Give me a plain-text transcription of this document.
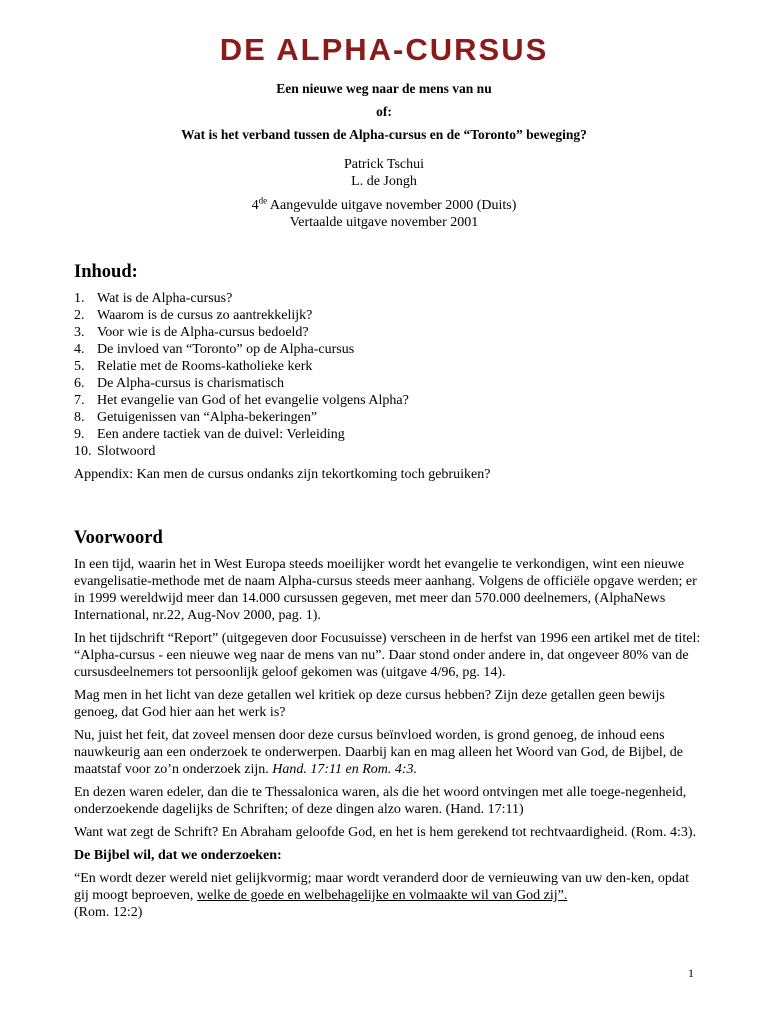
DE ALPHA-CURSUS
Een nieuwe weg naar de mens van nu
of:
Wat is het verband tussen de Alpha-cursus en de “Toronto” beweging?
Patrick Tschui
L. de Jongh
4de Aangevulde uitgave november 2000 (Duits)
Vertaalde uitgave november 2001
Inhoud:
1. Wat is de Alpha-cursus?
2. Waarom is de cursus zo aantrekkelijk?
3. Voor wie is de Alpha-cursus bedoeld?
4. De invloed van “Toronto” op de Alpha-cursus
5. Relatie met de Rooms-katholieke kerk
6. De Alpha-cursus is charismatisch
7. Het evangelie van God of het evangelie volgens Alpha?
8. Getuigenissen van “Alpha-bekeringen”
9. Een andere tactiek van de duivel: Verleiding
10. Slotwoord
Appendix: Kan men de cursus ondanks zijn tekortkoming toch gebruiken?
Voorwoord

In een tijd, waarin het in West Europa steeds moeilijker wordt het evangelie te verkondigen, wint een nieuwe evangelisatie-methode met de naam Alpha-cursus steeds meer aanhang. Volgens de officiële opgave werden; er in 1999 wereldwijd meer dan 14.000 cursussen gegeven, met meer dan 570.000 deelnemers, (AlphaNews International, nr.22, Aug-Nov 2000, pag. 1).

In het tijdschrift “Report” (uitgegeven door Focusuisse) verscheen in de herfst van 1996 een artikel met de titel: “Alpha-cursus - een nieuwe weg naar de mens van nu”. Daar stond onder andere in, dat ongeveer 80% van de cursusdeelnemers tot persoonlijk geloof gekomen was (uitgave 4/96, pg. 14).

Mag men in het licht van deze getallen wel kritiek op deze cursus hebben? Zijn deze getallen geen bewijs genoeg, dat God hier aan het werk is?

Nu, juist het feit, dat zoveel mensen door deze cursus beïnvloed worden, is grond genoeg, de inhoud eens nauwkeurig aan een onderzoek te onderwerpen. Daarbij kan en mag alleen het Woord van God, de Bijbel, de maatstaf voor zo’n onderzoek zijn. Hand. 17:11 en Rom. 4:3.

En dezen waren edeler, dan die te Thessalonica waren, als die het woord ontvingen met alle toege-negenheid, onderzoekende dagelijks de Schriften; of deze dingen alzo waren. (Hand. 17:11)

Want wat zegt de Schrift? En Abraham geloofde God, en het is hem gerekend tot rechtvaardigheid. (Rom. 4:3).

De Bijbel wil, dat we onderzoeken:

“En wordt dezer wereld niet gelijkvormig; maar wordt veranderd door de vernieuwing van uw den-ken, opdat gij moogt beproeven, welke de goede en welbehagelijke en volmaakte wil van God zij”.
(Rom. 12:2)

1
